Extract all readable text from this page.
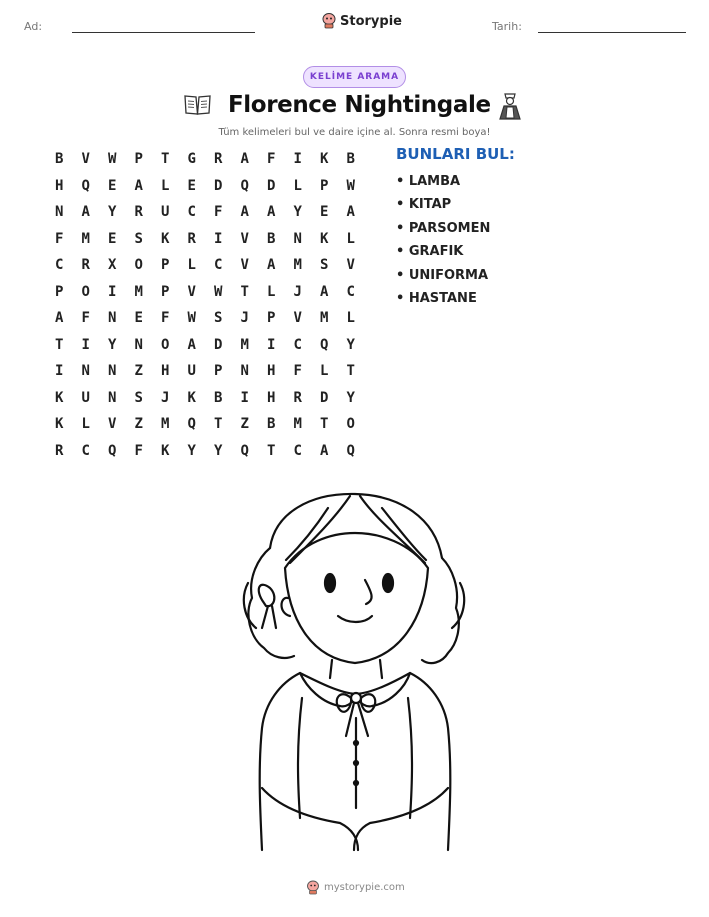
Ad:	Storypie	Tarih:
KELİME ARAMA
Florence Nightingale

Tüm kelimeleri bul ve daire içine al. Sonra resmi boya!

B	V	W	P	T	G	R	A	F	I	K	B
H	Q	E	A	L	E	D	Q	D	L	P	W
N	A	Y	R	U	C	F	A	A	Y	E	A
F	M	E	S	K	R	I	V	B	N	K	L
C	R	X	O	P	L	C	V	A	M	S	V
P	O	I	M	P	V	W	T	L	J	A	C
A	F	N	E	F	W	S	J	P	V	M	L
T	I	Y	N	O	A	D	M	I	C	Q	Y
I	N	N	Z	H	U	P	N	H	F	L	T
K	U	N	S	J	K	B	I	H	R	D	Y
K	L	V	Z	M	Q	T	Z	B	M	T	O
R	C	Q	F	K	Y	Y	Q	T	C	A	Q
BUNLARI BUL:
• LAMBA
• KITAP
• PARSOMEN
• GRAFIK
• UNIFORMA
• HASTANE
mystorypie.com
